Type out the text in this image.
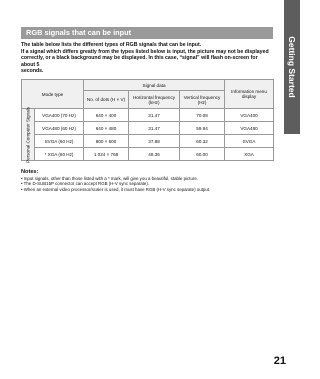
Getting Started
RGB signals that can be input
The table below lists the different types of RGB signals that can be input.
If a signal which differs greatly from the types listed below is input, the picture may not be displayed
correctly, or a black background may be displayed. In this case, “signal” will flash on-screen for about 5
seconds.
Mode type		Signal data			Information menu display
		No. of dots (H × V)	Horizontal frequency (kHz)	Vertical frequency (Hz)	

Personal Computer Signals	VGA400 (70 Hz)	640 × 400	31.47	70.08	VGA400
	VGA480 (60 Hz)	640 × 480	31.47	59.94	VGA480
	SVGA (60 Hz)	800 × 600	37.88	60.32	SVGA
	* XGA (60 Hz)	1 024 × 768	48.36	60.00	XGA
Notes:
• Input signals, other than those listed with a * mark, will give you a beautiful, stable picture.
• The D-SUB15P connector can accept RGB (H-V sync separate).
• When an external video processor/scaler is used, it must have RGB (H-V sync separate) output.
21
